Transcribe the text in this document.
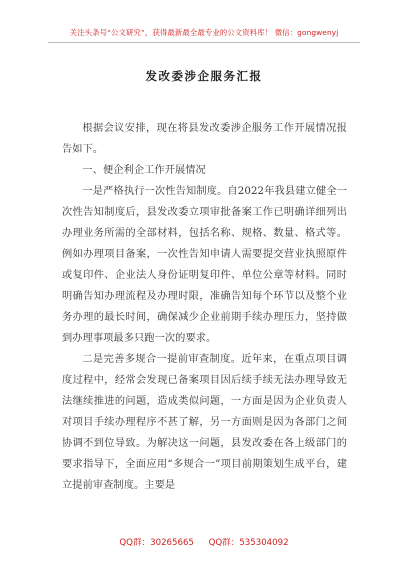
关注头条号“公文研究”，获得最新最全最专业的公文资料库！ 微信：gongwenyj
发改委涉企服务汇报

根据会议安排，现在将县发改委涉企服务工作开展情况报告如下。

一、便企利企工作开展情况

一是严格执行一次性告知制度。自2022年我县建立健全一次性告知制度后，县发改委立项审批备案工作已明确详细列出办理业务所需的全部材料，包括名称、规格、数量、格式等。例如办理项目备案，一次性告知申请人需要提交营业执照原件或复印件、企业法人身份证明复印件、单位公章等材料。同时明确告知办理流程及办理时限，准确告知每个环节以及整个业务办理的最长时间，确保减少企业前期手续办理压力，坚持做到办理事项最多只跑一次的要求。

二是完善多规合一提前审查制度。近年来，在重点项目调度过程中，经常会发现已备案项目因后续手续无法办理导致无法继续推进的问题，造成类似问题，一方面是因为企业负责人对项目手续办理程序不甚了解，另一方面则是因为各部门之间协调不到位导致。为解决这一问题，县发改委在各上级部门的要求指导下，全面应用“多规合一”项目前期策划生成平台，建立提前审查制度。主要是

QQ群：30265665 QQ群：535304092
